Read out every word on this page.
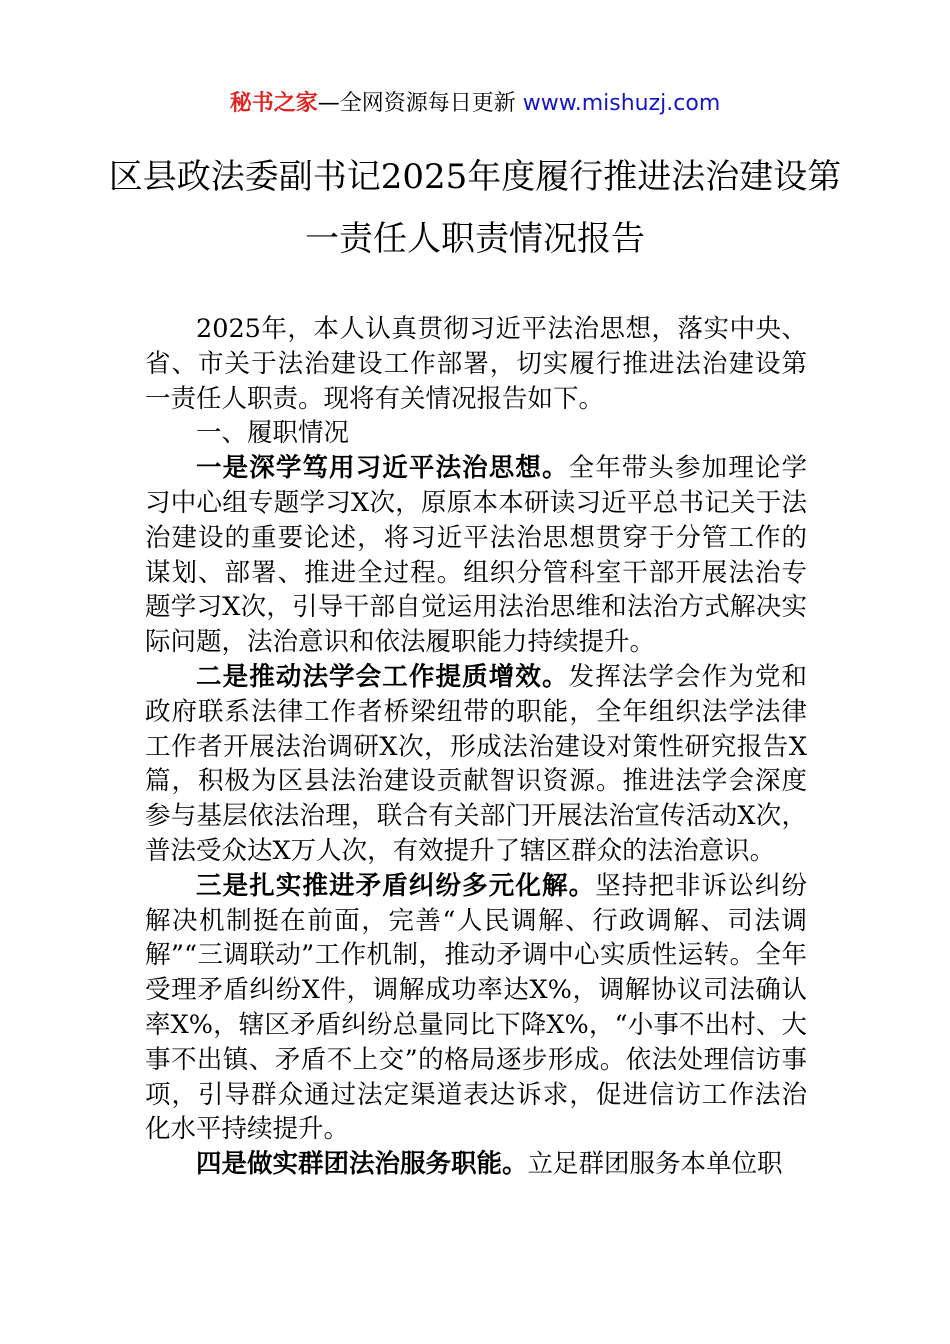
秘书之家—全网资源每日更新 www.mishuzj.com
区县政法委副书记2025年度履行推进法治建设第一责任人职责情况报告

2025年，本人认真贯彻习近平法治思想，落实中央、省、市关于法治建设工作部署，切实履行推进法治建设第一责任人职责。现将有关情况报告如下。

一、履职情况

一是深学笃用习近平法治思想。全年带头参加理论学习中心组专题学习X次，原原本本研读习近平总书记关于法治建设的重要论述，将习近平法治思想贯穿于分管工作的谋划、部署、推进全过程。组织分管科室干部开展法治专题学习X次，引导干部自觉运用法治思维和法治方式解决实际问题，法治意识和依法履职能力持续提升。

二是推动法学会工作提质增效。发挥法学会作为党和政府联系法律工作者桥梁纽带的职能，全年组织法学法律工作者开展法治调研X次，形成法治建设对策性研究报告X篇，积极为区县法治建设贡献智识资源。推进法学会深度参与基层依法治理，联合有关部门开展法治宣传活动X次，普法受众达X万人次，有效提升了辖区群众的法治意识。

三是扎实推进矛盾纠纷多元化解。坚持把非诉讼纠纷解决机制挺在前面，完善“人民调解、行政调解、司法调解”“三调联动”工作机制，推动矛调中心实质性运转。全年受理矛盾纠纷X件，调解成功率达X%，调解协议司法确认率X%，辖区矛盾纠纷总量同比下降X%，“小事不出村、大事不出镇、矛盾不上交”的格局逐步形成。依法处理信访事项，引导群众通过法定渠道表达诉求，促进信访工作法治化水平持续提升。

四是做实群团法治服务职能。立足群团服务本单位职
